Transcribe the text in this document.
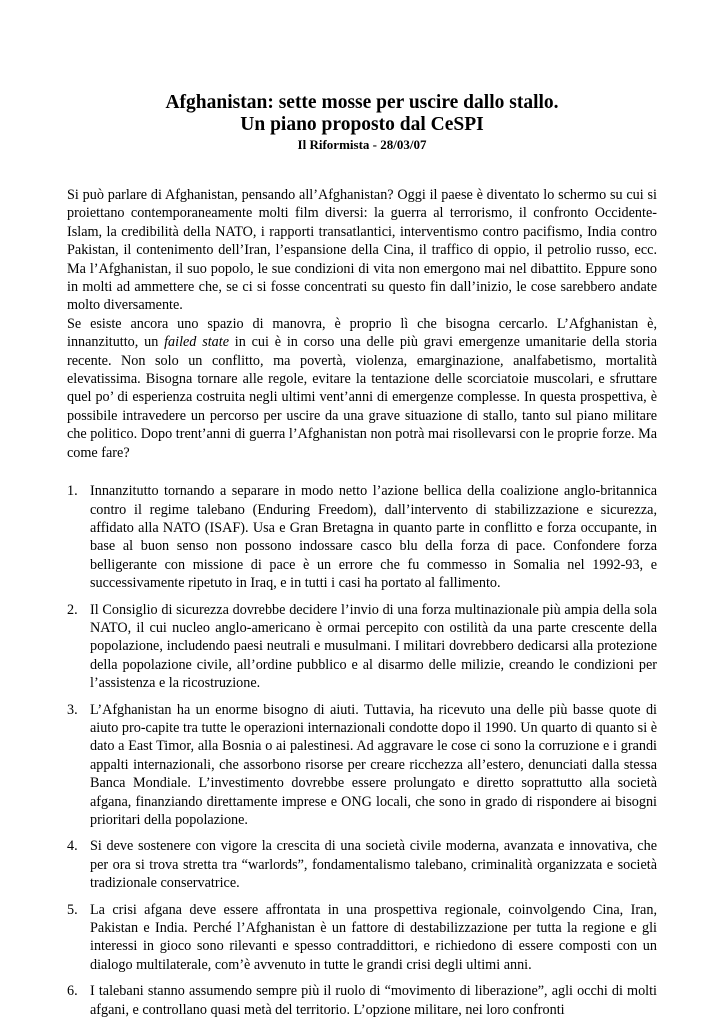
Afghanistan: sette mosse per uscire dallo stallo.
Un piano proposto dal CeSPI
Il Riformista - 28/03/07

Si può parlare di Afghanistan, pensando all’Afghanistan? Oggi il paese è diventato lo schermo su cui si proiettano contemporaneamente molti film diversi: la guerra al terrorismo, il confronto Occidente-Islam, la credibilità della NATO, i rapporti transatlantici, interventismo contro pacifismo, India contro Pakistan, il contenimento dell’Iran, l’espansione della Cina, il traffico di oppio, il petrolio russo, ecc. Ma l’Afghanistan, il suo popolo, le sue condizioni di vita non emergono mai nel dibattito. Eppure sono in molti ad ammettere che, se ci si fosse concentrati su questo fin dall’inizio, le cose sarebbero andate molto diversamente.

Se esiste ancora uno spazio di manovra, è proprio lì che bisogna cercarlo. L’Afghanistan è, innanzitutto, un failed state in cui è in corso una delle più gravi emergenze umanitarie della storia recente. Non solo un conflitto, ma povertà, violenza, emarginazione, analfabetismo, mortalità elevatissima. Bisogna tornare alle regole, evitare la tentazione delle scorciatoie muscolari, e sfruttare quel po’ di esperienza costruita negli ultimi vent’anni di emergenze complesse. In questa prospettiva, è possibile intravedere un percorso per uscire da una grave situazione di stallo, tanto sul piano militare che politico. Dopo trent’anni di guerra l’Afghanistan non potrà mai risollevarsi con le proprie forze. Ma come fare?

1. Innanzitutto tornando a separare in modo netto l’azione bellica della coalizione anglo-britannica contro il regime talebano (Enduring Freedom), dall’intervento di stabilizzazione e sicurezza, affidato alla NATO (ISAF). Usa e Gran Bretagna in quanto parte in conflitto e forza occupante, in base al buon senso non possono indossare casco blu della forza di pace. Confondere forza belligerante con missione di pace è un errore che fu commesso in Somalia nel 1992-93, e successivamente ripetuto in Iraq, e in tutti i casi ha portato al fallimento.

2. Il Consiglio di sicurezza dovrebbe decidere l’invio di una forza multinazionale più ampia della sola NATO, il cui nucleo anglo-americano è ormai percepito con ostilità da una parte crescente della popolazione, includendo paesi neutrali e musulmani. I militari dovrebbero dedicarsi alla protezione della popolazione civile, all’ordine pubblico e al disarmo delle milizie, creando le condizioni per l’assistenza e la ricostruzione.

3. L’Afghanistan ha un enorme bisogno di aiuti. Tuttavia, ha ricevuto una delle più basse quote di aiuto pro-capite tra tutte le operazioni internazionali condotte dopo il 1990. Un quarto di quanto si è dato a East Timor, alla Bosnia o ai palestinesi. Ad aggravare le cose ci sono la corruzione e i grandi appalti internazionali, che assorbono risorse per creare ricchezza all’estero, denunciati dalla stessa Banca Mondiale. L’investimento dovrebbe essere prolungato e diretto soprattutto alla società afgana, finanziando direttamente imprese e ONG locali, che sono in grado di rispondere ai bisogni prioritari della popolazione.

4. Si deve sostenere con vigore la crescita di una società civile moderna, avanzata e innovativa, che per ora si trova stretta tra “warlords”, fondamentalismo talebano, criminalità organizzata e società tradizionale conservatrice.

5. La crisi afgana deve essere affrontata in una prospettiva regionale, coinvolgendo Cina, Iran, Pakistan e India. Perché l’Afghanistan è un fattore di destabilizzazione per tutta la regione e gli interessi in gioco sono rilevanti e spesso contraddittori, e richiedono di essere composti con un dialogo multilaterale, com’è avvenuto in tutte le grandi crisi degli ultimi anni.

6. I talebani stanno assumendo sempre più il ruolo di “movimento di liberazione”, agli occhi di molti afgani, e controllano quasi metà del territorio. L’opzione militare, nei loro confronti
